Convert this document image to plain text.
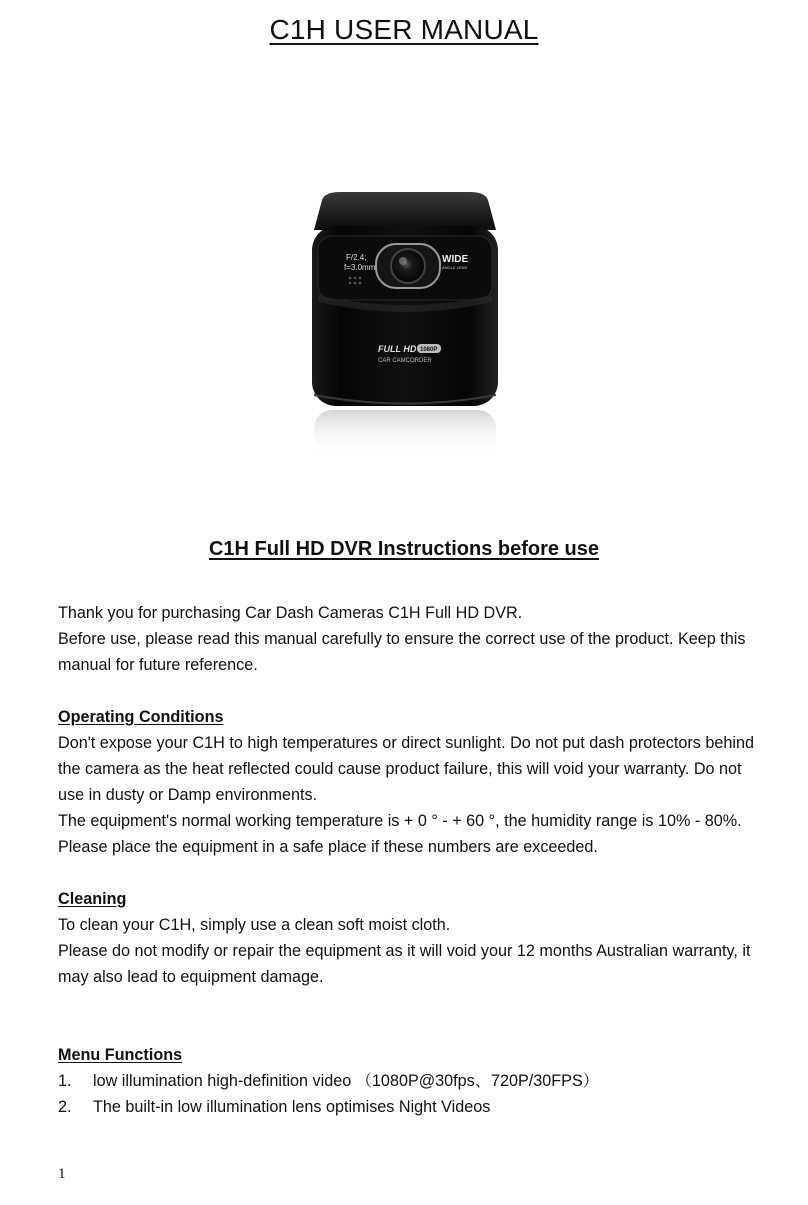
C1H USER MANUAL
F/2.4;
f=3.0mm
WIDE
ANGLE LENS
FULL HD 1080P
CAR CAMCORDER
C1H Full HD DVR Instructions before use

Thank you for purchasing Car Dash Cameras C1H Full HD DVR.

Before use, please read this manual carefully to ensure the correct use of the product. Keep this manual for future reference.

Operating Conditions

Don't expose your C1H to high temperatures or direct sunlight. Do not put dash protectors behind the camera as the heat reflected could cause product failure, this will void your warranty. Do not use in dusty or Damp environments.

The equipment's normal working temperature is + 0 ° - + 60 °, the humidity range is 10% - 80%.

Please place the equipment in a safe place if these numbers are exceeded.

Cleaning

To clean your C1H, simply use a clean soft moist cloth.

Please do not modify or repair the equipment as it will void your 12 months Australian warranty, it may also lead to equipment damage.

Menu Functions

1.	low illumination high-definition video （1080P@30fps、720P/30FPS）
2.	The built-in low illumination lens optimises Night Videos
1
